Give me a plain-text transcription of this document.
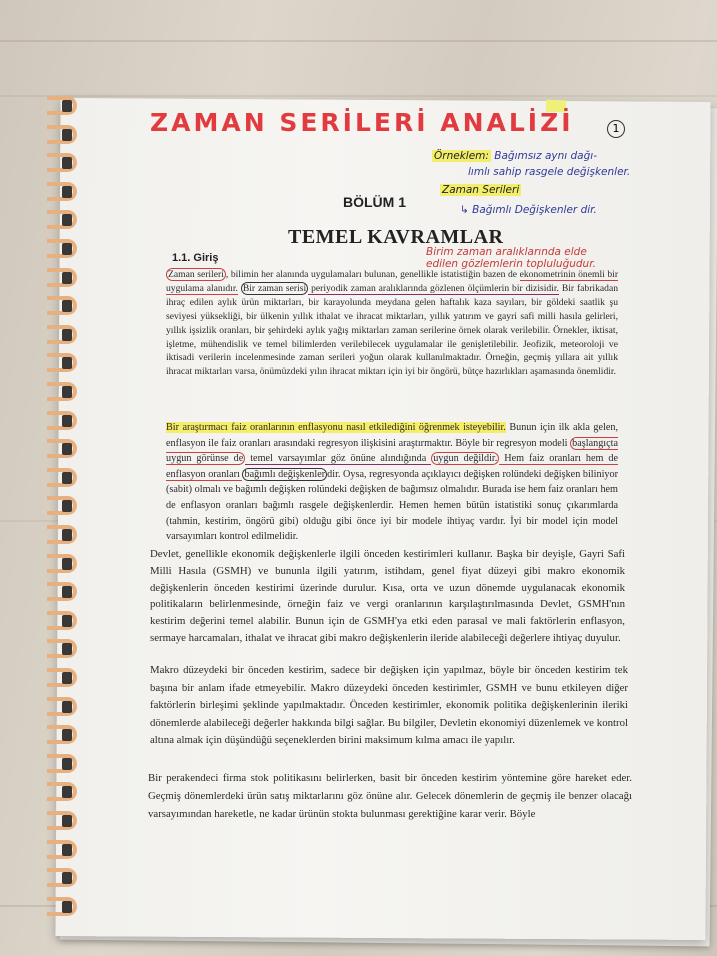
ZAMAN SERİLERİ ANALİZİ	1
Örneklem: Bağımsız aynı dağı-
lımlı sahip rasgele değişkenler.
Zaman Serileri
↳ Bağımlı Değişkenler dir.
Birim zaman aralıklarında elde
edilen gözlemlerin topluluğudur.
BÖLÜM 1
TEMEL KAVRAMLAR
1.1. Giriş
Zaman serileri , bilimin her alanında uygulamaları bulunan, genellikle istatistiğin bazen de ekonometrinin önemli bir uygulama alanıdır. Bir zaman serisi periyodik zaman aralıklarında gözlenen ölçümlerin bir dizisidir. Bir fabrikadan ihraç edilen aylık ürün miktarları, bir karayolunda meydana gelen haftalık kaza sayıları, bir göldeki saatlik şu seviyesi yüksekliği, bir ülkenin yıllık ithalat ve ihracat miktarları, yıllık yatırım ve gayri safi milli hasıla gelirleri, yıllık işsizlik oranları, bir şehirdeki aylık yağış miktarları zaman serilerine örnek olarak verilebilir. Örnekler, iktisat, işletme, mühendislik ve temel bilimlerden verilebilecek uygulamalar ile genişletilebilir. Jeofizik, meteoroloji ve iktisadi verilerin incelenmesinde zaman serileri yoğun olarak kullanılmaktadır. Örneğin, geçmiş yıllara ait yıllık ihracat miktarları varsa, önümüzdeki yılın ihracat miktarı için iyi bir öngörü, bütçe hazırlıkları aşamasında önemlidir.
Bir araştırmacı faiz oranlarının enflasyonu nasıl etkilediğini öğrenmek isteyebilir. Bunun için ilk akla gelen, enflasyon ile faiz oranları arasındaki regresyon ilişkisini araştırmaktır. Böyle bir regresyon modeli başlangıçta uygun görünse de temel varsayımlar göz önüne alındığında uygun değildir. Hem faiz oranları hem de enflasyon oranları bağımlı değişkenler dir. Oysa, regresyonda açıklayıcı değişken rolündeki değişken biliniyor (sabit) olmalı ve bağımlı değişken rolündeki değişken de bağımsız olmalıdır. Burada ise hem faiz oranları hem de enflasyon oranları bağımlı rasgele değişkenlerdir. Hemen hemen bütün istatistiki sonuç çıkarımlarda (tahmin, kestirim, öngörü gibi) olduğu gibi önce iyi bir modele ihtiyaç vardır. İyi bir model için model varsayımları kontrol edilmelidir.
Devlet, genellikle ekonomik değişkenlerle ilgili önceden kestirimleri kullanır. Başka bir deyişle, Gayri Safi Milli Hasıla (GSMH) ve bununla ilgili yatırım, istihdam, genel fiyat düzeyi gibi makro ekonomik değişkenlerin önceden kestirimi üzerinde durulur. Kısa, orta ve uzun dönemde uygulanacak ekonomik politikaların belirlenmesinde, örneğin faiz ve vergi oranlarının karşılaştırılmasında Devlet, GSMH'nın kestirim değerini temel alabilir. Bunun için de GSMH'ya etki eden parasal ve mali faktörlerin enflasyon, sermaye harcamaları, ithalat ve ihracat gibi makro değişkenlerin ileride alabileceği değerlere ihtiyaç duyulur.
Makro düzeydeki bir önceden kestirim, sadece bir değişken için yapılmaz, böyle bir önceden kestirim tek başına bir anlam ifade etmeyebilir. Makro düzeydeki önceden kestirimler, GSMH ve bunu etkileyen diğer faktörlerin birleşimi şeklinde yapılmaktadır. Önceden kestirimler, ekonomik politika değişkenlerinin ileriki dönemlerde alabileceği değerler hakkında bilgi sağlar. Bu bilgiler, Devletin ekonomiyi düzenlemek ve kontrol altına almak için düşündüğü seçeneklerden birini maksimum kılma amacı ile yapılır.
Bir perakendeci firma stok politikasını belirlerken, basit bir önceden kestirim yöntemine göre hareket eder. Geçmiş dönemlerdeki ürün satış miktarlarını göz önüne alır. Gelecek dönemlerin de geçmiş ile benzer olacağı varsayımından hareketle, ne kadar ürünün stokta bulunması gerektiğine karar verir. Böyle
